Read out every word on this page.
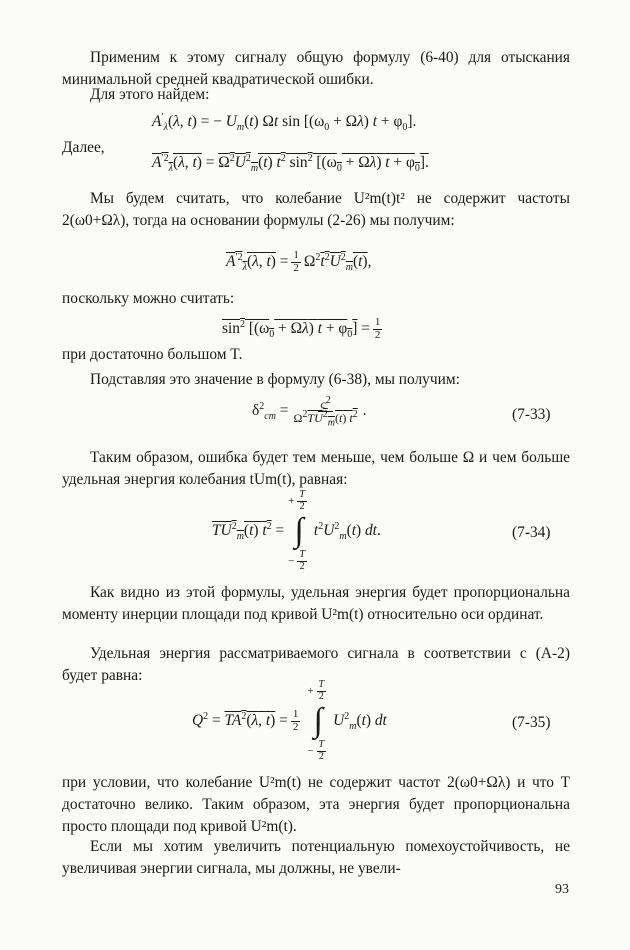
Применим к этому сигналу общую формулу (6-40) для отыскания минимальной средней квадратической ошибки.

Для этого найдем:

$A'_\lambda(\lambda$, t) = − $U_m(t)$ Ωt $\sin [(\omega_0 + \Omega\lambda) t + \varphi_0]$.

Далее,

$A^{'2}_\lambda(\lambda$, $t) = \Omega^2U^2_m(t)$ $t^2$ $\sin^2 [(\omega_0 + \Omega\lambda) t + \varphi_0]$.

Мы будем считать, что колебание U²m(t)t² не содержит частоты 2(ω0+Ωλ), тогда на основании формулы (2-26) мы получим:

$A^{'2}_\lambda(\lambda$, $t) = \frac{1}{2} \Omega^2t^2U^2_m(t)$,

поскольку можно считать:

$\sin^2 [(\omega_0 + \Omega\lambda) t + \varphi_0] = \frac{1}{2}$

при достаточно большом T.

Подставляя это значение в формулу (6-38), мы получим:

$\delta^2_{cm} = \frac{c^2}{\Omega^2TU^2_m(t) t^2}$ .	(7-33)

Таким образом, ошибка будет тем меньше, чем больше Ω и чем больше удельная энергия колебания tUm(t), равная:

$TU^2_m(t) t^2$ =
+ $\frac{T}{2}$
∫
− $\frac{T}{2}$
$t^2U^2_m(t)$ dt.	(7-34)

Как видно из этой формулы, удельная энергия будет пропорциональна моменту инерции площади под кривой U²m(t) относительно оси ординат.

Удельная энергия рассматриваемого сигнала в соответствии с (А-2) будет равна:

$Q^2 = TA^2(\lambda$, $t) = \frac{1}{2}$
+ $\frac{T}{2}$
∫
− $\frac{T}{2}$
$U^2_m(t)$ dt	(7-35)

при условии, что колебание U²m(t) не содержит частот 2(ω0+Ωλ) и что T достаточно велико. Таким образом, эта энергия будет пропорциональна просто площади под кривой U²m(t).

Если мы хотим увеличить потенциальную помехоустойчивость, не увеличивая энергии сигнала, мы должны, не увели-

93
